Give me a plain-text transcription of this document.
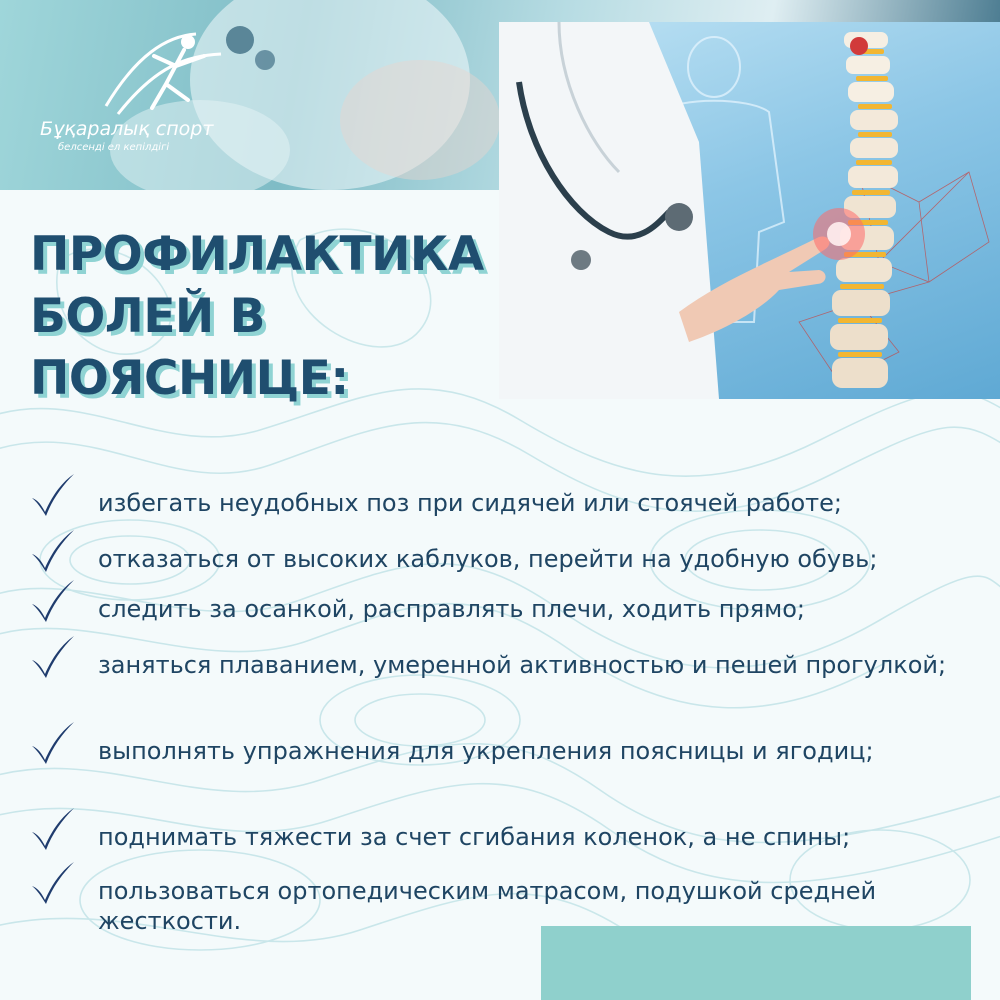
Бұқаралық спорт
белсенді ел кепілдігі
ПРОФИЛАКТИКА
БОЛЕЙ В
ПОЯСНИЦЕ:
избегать неудобных поз при сидячей или стоячей работе;
отказаться от высоких каблуков, перейти на удобную обувь;
следить за осанкой, расправлять плечи, ходить прямо;
заняться плаванием, умеренной активностью и пешей прогулкой;
выполнять упражнения для укрепления поясницы и ягодиц;
поднимать тяжести за счет сгибания коленок, а не спины;
пользоваться ортопедическим матрасом, подушкой средней жесткости.
